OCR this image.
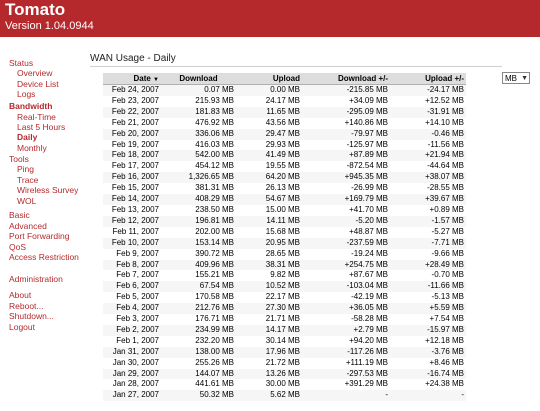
Tomato
Version 1.04.0944
Status
Overview
Device List
Logs
Bandwidth
Real-Time
Last 5 Hours
Daily
Monthly
Tools
Ping
Trace
Wireless Survey
WOL
Basic
Advanced
Port Forwarding
QoS
Access Restriction
Administration
About
Reboot...
Shutdown...
Logout
WAN Usage - Daily
MB ▼
Date ▼	Download	Upload	Download +/-	Upload +/-
Feb 24, 2007	0.07 MB	0.00 MB	-215.85 MB	-24.17 MB
Feb 23, 2007	215.93 MB	24.17 MB	+34.09 MB	+12.52 MB
Feb 22, 2007	181.83 MB	11.65 MB	-295.09 MB	-31.91 MB
Feb 21, 2007	476.92 MB	43.56 MB	+140.86 MB	+14.10 MB
Feb 20, 2007	336.06 MB	29.47 MB	-79.97 MB	-0.46 MB
Feb 19, 2007	416.03 MB	29.93 MB	-125.97 MB	-11.56 MB
Feb 18, 2007	542.00 MB	41.49 MB	+87.89 MB	+21.94 MB
Feb 17, 2007	454.12 MB	19.55 MB	-872.54 MB	-44.64 MB
Feb 16, 2007	1,326.65 MB	64.20 MB	+945.35 MB	+38.07 MB
Feb 15, 2007	381.31 MB	26.13 MB	-26.99 MB	-28.55 MB
Feb 14, 2007	408.29 MB	54.67 MB	+169.79 MB	+39.67 MB
Feb 13, 2007	238.50 MB	15.00 MB	+41.70 MB	+0.89 MB
Feb 12, 2007	196.81 MB	14.11 MB	-5.20 MB	-1.57 MB
Feb 11, 2007	202.00 MB	15.68 MB	+48.87 MB	-5.27 MB
Feb 10, 2007	153.14 MB	20.95 MB	-237.59 MB	-7.71 MB
Feb 9, 2007	390.72 MB	28.65 MB	-19.24 MB	-9.66 MB
Feb 8, 2007	409.96 MB	38.31 MB	+254.75 MB	+28.49 MB
Feb 7, 2007	155.21 MB	9.82 MB	+87.67 MB	-0.70 MB
Feb 6, 2007	67.54 MB	10.52 MB	-103.04 MB	-11.66 MB
Feb 5, 2007	170.58 MB	22.17 MB	-42.19 MB	-5.13 MB
Feb 4, 2007	212.76 MB	27.30 MB	+36.05 MB	+5.59 MB
Feb 3, 2007	176.71 MB	21.71 MB	-58.28 MB	+7.54 MB
Feb 2, 2007	234.99 MB	14.17 MB	+2.79 MB	-15.97 MB
Feb 1, 2007	232.20 MB	30.14 MB	+94.20 MB	+12.18 MB
Jan 31, 2007	138.00 MB	17.96 MB	-117.26 MB	-3.76 MB
Jan 30, 2007	255.26 MB	21.72 MB	+111.19 MB	+8.46 MB
Jan 29, 2007	144.07 MB	13.26 MB	-297.53 MB	-16.74 MB
Jan 28, 2007	441.61 MB	30.00 MB	+391.29 MB	+24.38 MB
Jan 27, 2007	50.32 MB	5.62 MB	-	-
